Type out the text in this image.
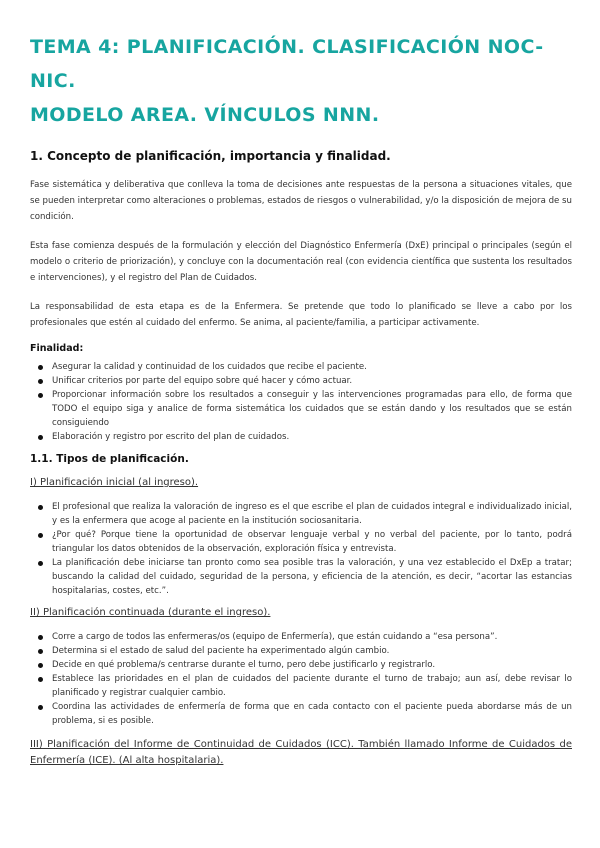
TEMA 4: PLANIFICACIÓN. CLASIFICACIÓN NOC-NIC.
MODELO AREA. VÍNCULOS NNN.
1. Concepto de planificación, importancia y finalidad.

Fase sistemática y deliberativa que conlleva la toma de decisiones ante respuestas de la persona a situaciones vitales, que se pueden interpretar como alteraciones o problemas, estados de riesgos o vulnerabilidad, y/o la disposición de mejora de su condición.

Esta fase comienza después de la formulación y elección del Diagnóstico Enfermería (DxE) principal o principales (según el modelo o criterio de priorización), y concluye con la documentación real (con evidencia científica que sustenta los resultados e intervenciones), y el registro del Plan de Cuidados.

La responsabilidad de esta etapa es de la Enfermera. Se pretende que todo lo planificado se lleve a cabo por los profesionales que estén al cuidado del enfermo. Se anima, al paciente/familia, a participar activamente.

Finalidad:

Asegurar la calidad y continuidad de los cuidados que recibe el paciente.
Unificar criterios por parte del equipo sobre qué hacer y cómo actuar.
Proporcionar información sobre los resultados a conseguir y las intervenciones programadas para ello, de forma que TODO el equipo siga y analice de forma sistemática los cuidados que se están dando y los resultados que se están consiguiendo
Elaboración y registro por escrito del plan de cuidados.
1.1. Tipos de planificación.

I) Planificación inicial (al ingreso).

El profesional que realiza la valoración de ingreso es el que escribe el plan de cuidados integral e individualizado inicial, y es la enfermera que acoge al paciente en la institución sociosanitaria.
¿Por qué? Porque tiene la oportunidad de observar lenguaje verbal y no verbal del paciente, por lo tanto, podrá triangular los datos obtenidos de la observación, exploración física y entrevista.
La planificación debe iniciarse tan pronto como sea posible tras la valoración, y una vez establecido el DxEp a tratar; buscando la calidad del cuidado, seguridad de la persona, y eficiencia de la atención, es decir, “acortar las estancias hospitalarias, costes, etc.”.

II) Planificación continuada (durante el ingreso).

Corre a cargo de todos las enfermeras/os (equipo de Enfermería), que están cuidando a “esa persona”.
Determina si el estado de salud del paciente ha experimentado algún cambio.
Decide en qué problema/s centrarse durante el turno, pero debe justificarlo y registrarlo.
Establece las prioridades en el plan de cuidados del paciente durante el turno de trabajo; aun así, debe revisar lo planificado y registrar cualquier cambio.
Coordina las actividades de enfermería de forma que en cada contacto con el paciente pueda abordarse más de un problema, si es posible.

III) Planificación del Informe de Continuidad de Cuidados (ICC). También llamado Informe de Cuidados de Enfermería (ICE). (Al alta hospitalaria).
